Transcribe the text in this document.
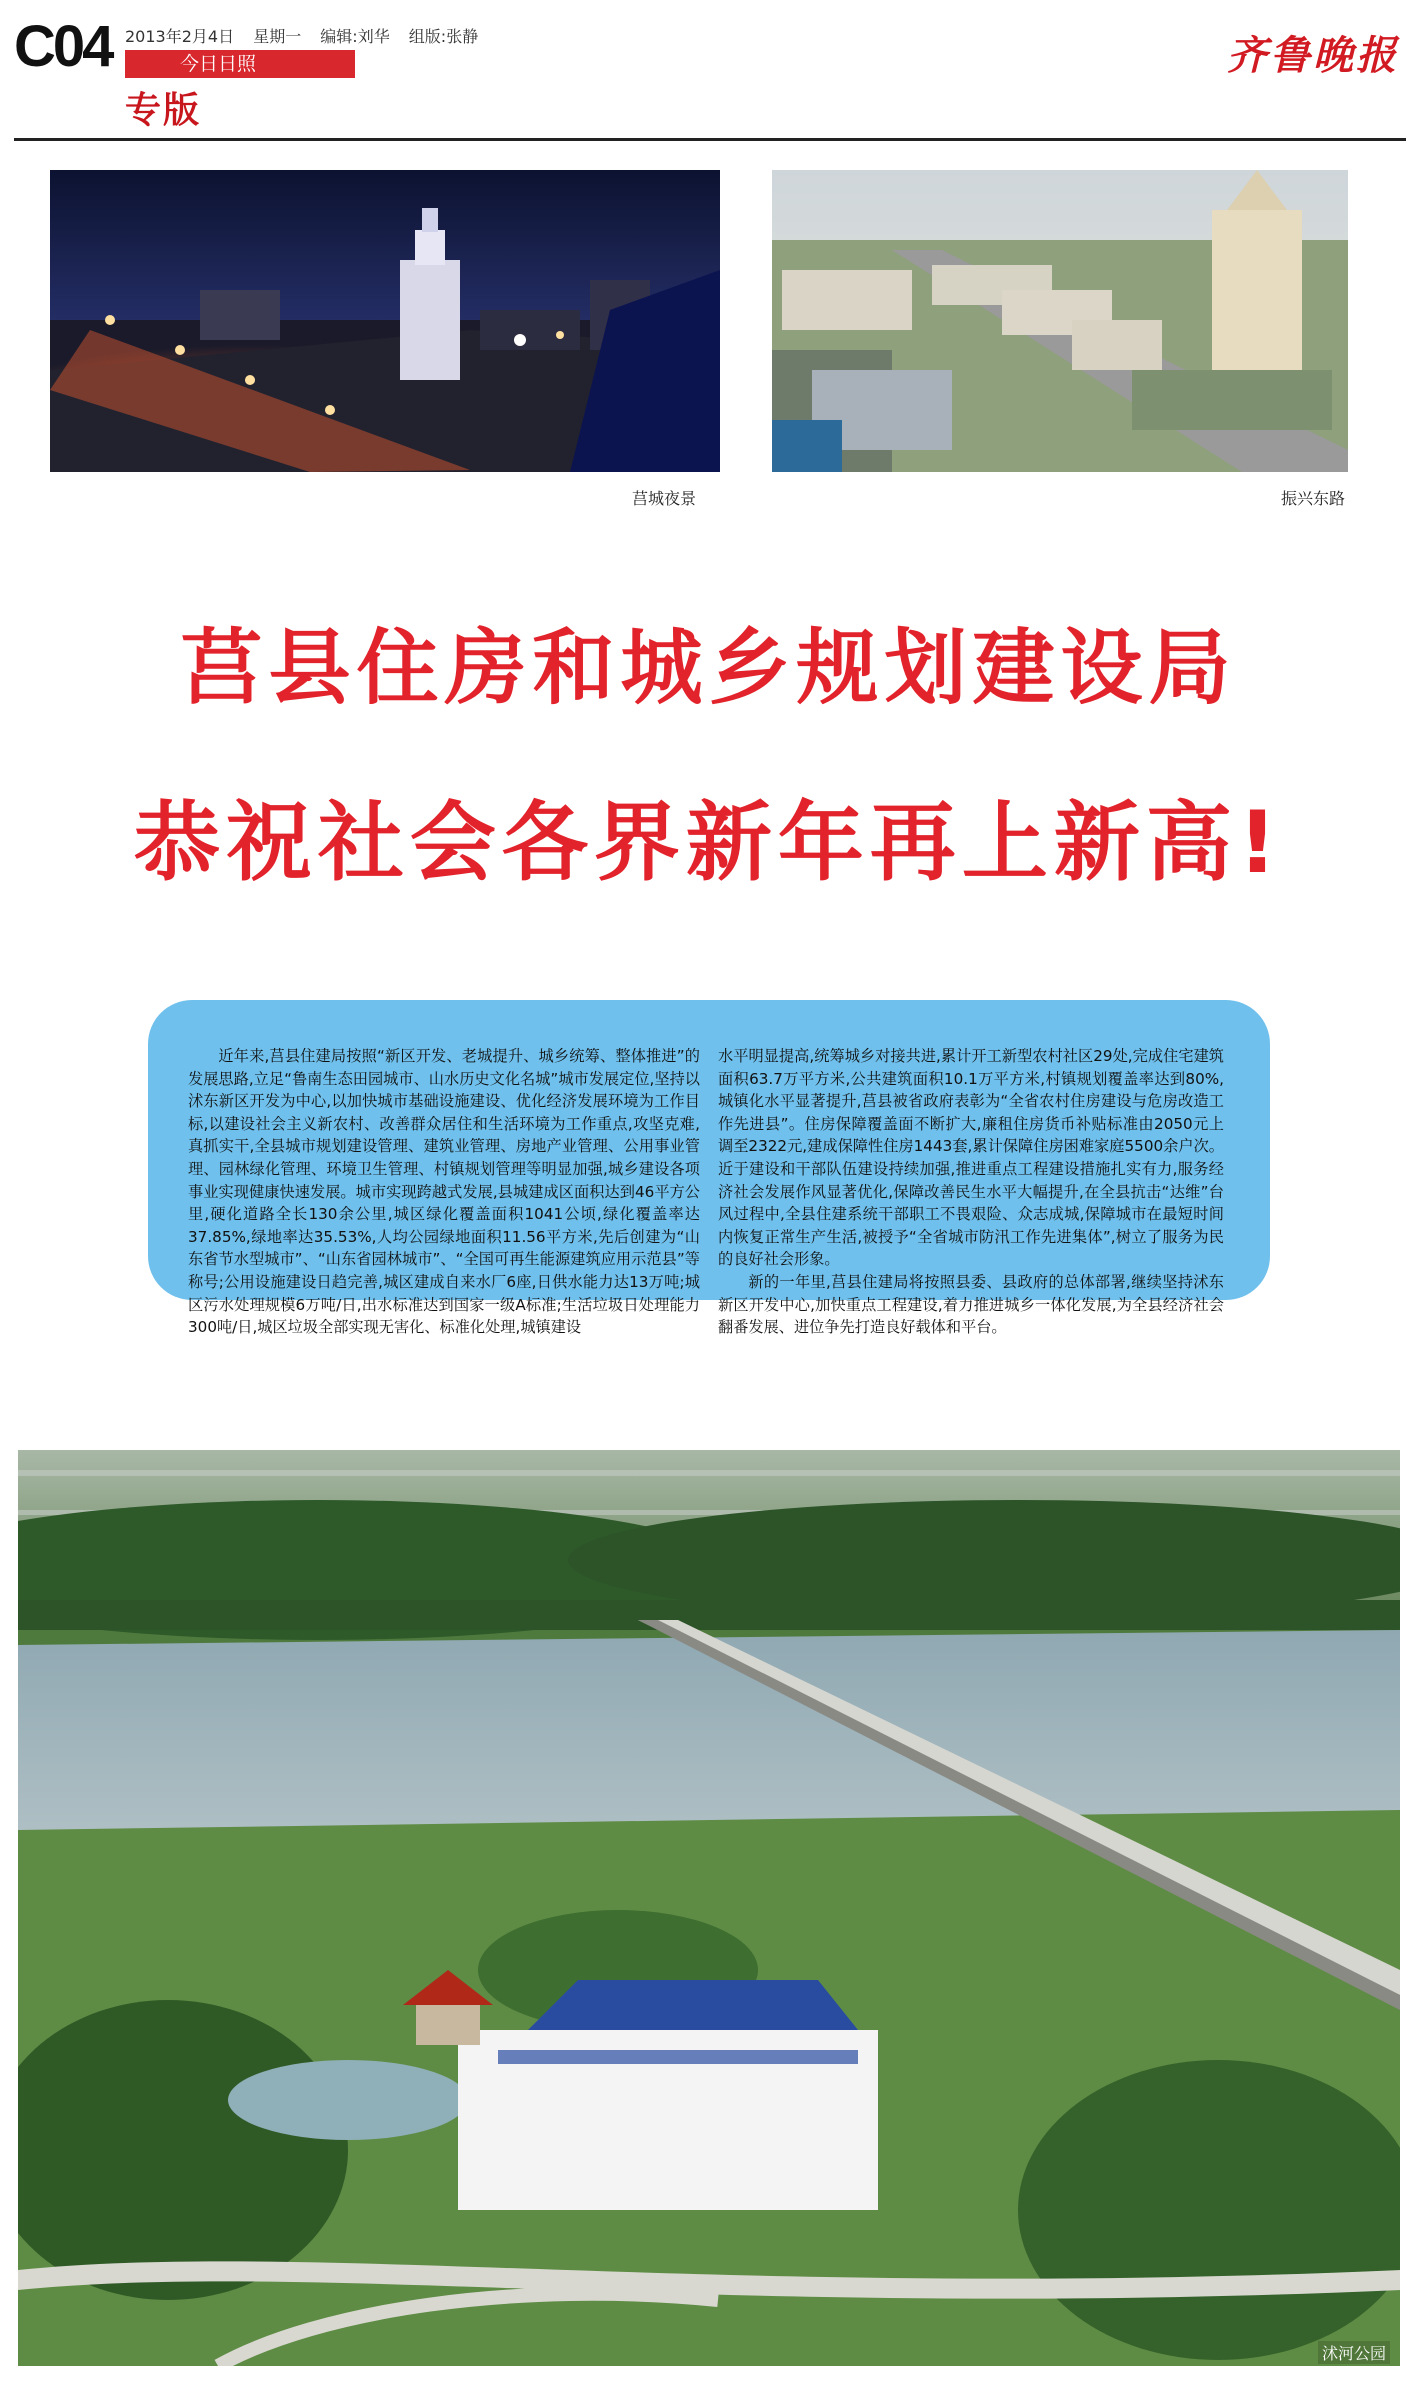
C04 2013年2月4日 星期一 编辑:刘华 组版:张静
今日日照
专版
齐鲁晚报
莒城夜景	振兴东路
莒县住房和城乡规划建设局
恭祝社会各界新年再上新高!

近年来,莒县住建局按照“新区开发、老城提升、城乡统筹、整体推进”的发展思路,立足“鲁南生态田园城市、山水历史文化名城”城市发展定位,坚持以沭东新区开发为中心,以加快城市基础设施建设、优化经济发展环境为工作目标,以建设社会主义新农村、改善群众居住和生活环境为工作重点,攻坚克难,真抓实干,全县城市规划建设管理、建筑业管理、房地产业管理、公用事业管理、园林绿化管理、环境卫生管理、村镇规划管理等明显加强,城乡建设各项事业实现健康快速发展。城市实现跨越式发展,县城建成区面积达到46平方公里,硬化道路全长130余公里,城区绿化覆盖面积1041公顷,绿化覆盖率达37.85%,绿地率达35.53%,人均公园绿地面积11.56平方米,先后创建为“山东省节水型城市”、“山东省园林城市”、“全国可再生能源建筑应用示范县”等称号;公用设施建设日趋完善,城区建成自来水厂6座,日供水能力达13万吨;城区污水处理规模6万吨/日,出水标准达到国家一级A标准;生活垃圾日处理能力300吨/日,城区垃圾全部实现无害化、标准化处理,城镇建设

水平明显提高,统筹城乡对接共进,累计开工新型农村社区29处,完成住宅建筑面积63.7万平方米,公共建筑面积10.1万平方米,村镇规划覆盖率达到80%,城镇化水平显著提升,莒县被省政府表彰为“全省农村住房建设与危房改造工作先进县”。住房保障覆盖面不断扩大,廉租住房货币补贴标准由2050元上调至2322元,建成保障性住房1443套,累计保障住房困难家庭5500余户次。近于建设和干部队伍建设持续加强,推进重点工程建设措施扎实有力,服务经济社会发展作风显著优化,保障改善民生水平大幅提升,在全县抗击“达维”台风过程中,全县住建系统干部职工不畏艰险、众志成城,保障城市在最短时间内恢复正常生产生活,被授予“全省城市防汛工作先进集体”,树立了服务为民的良好社会形象。

新的一年里,莒县住建局将按照县委、县政府的总体部署,继续坚持沭东新区开发中心,加快重点工程建设,着力推进城乡一体化发展,为全县经济社会翻番发展、进位争先打造良好载体和平台。

沭河公园
